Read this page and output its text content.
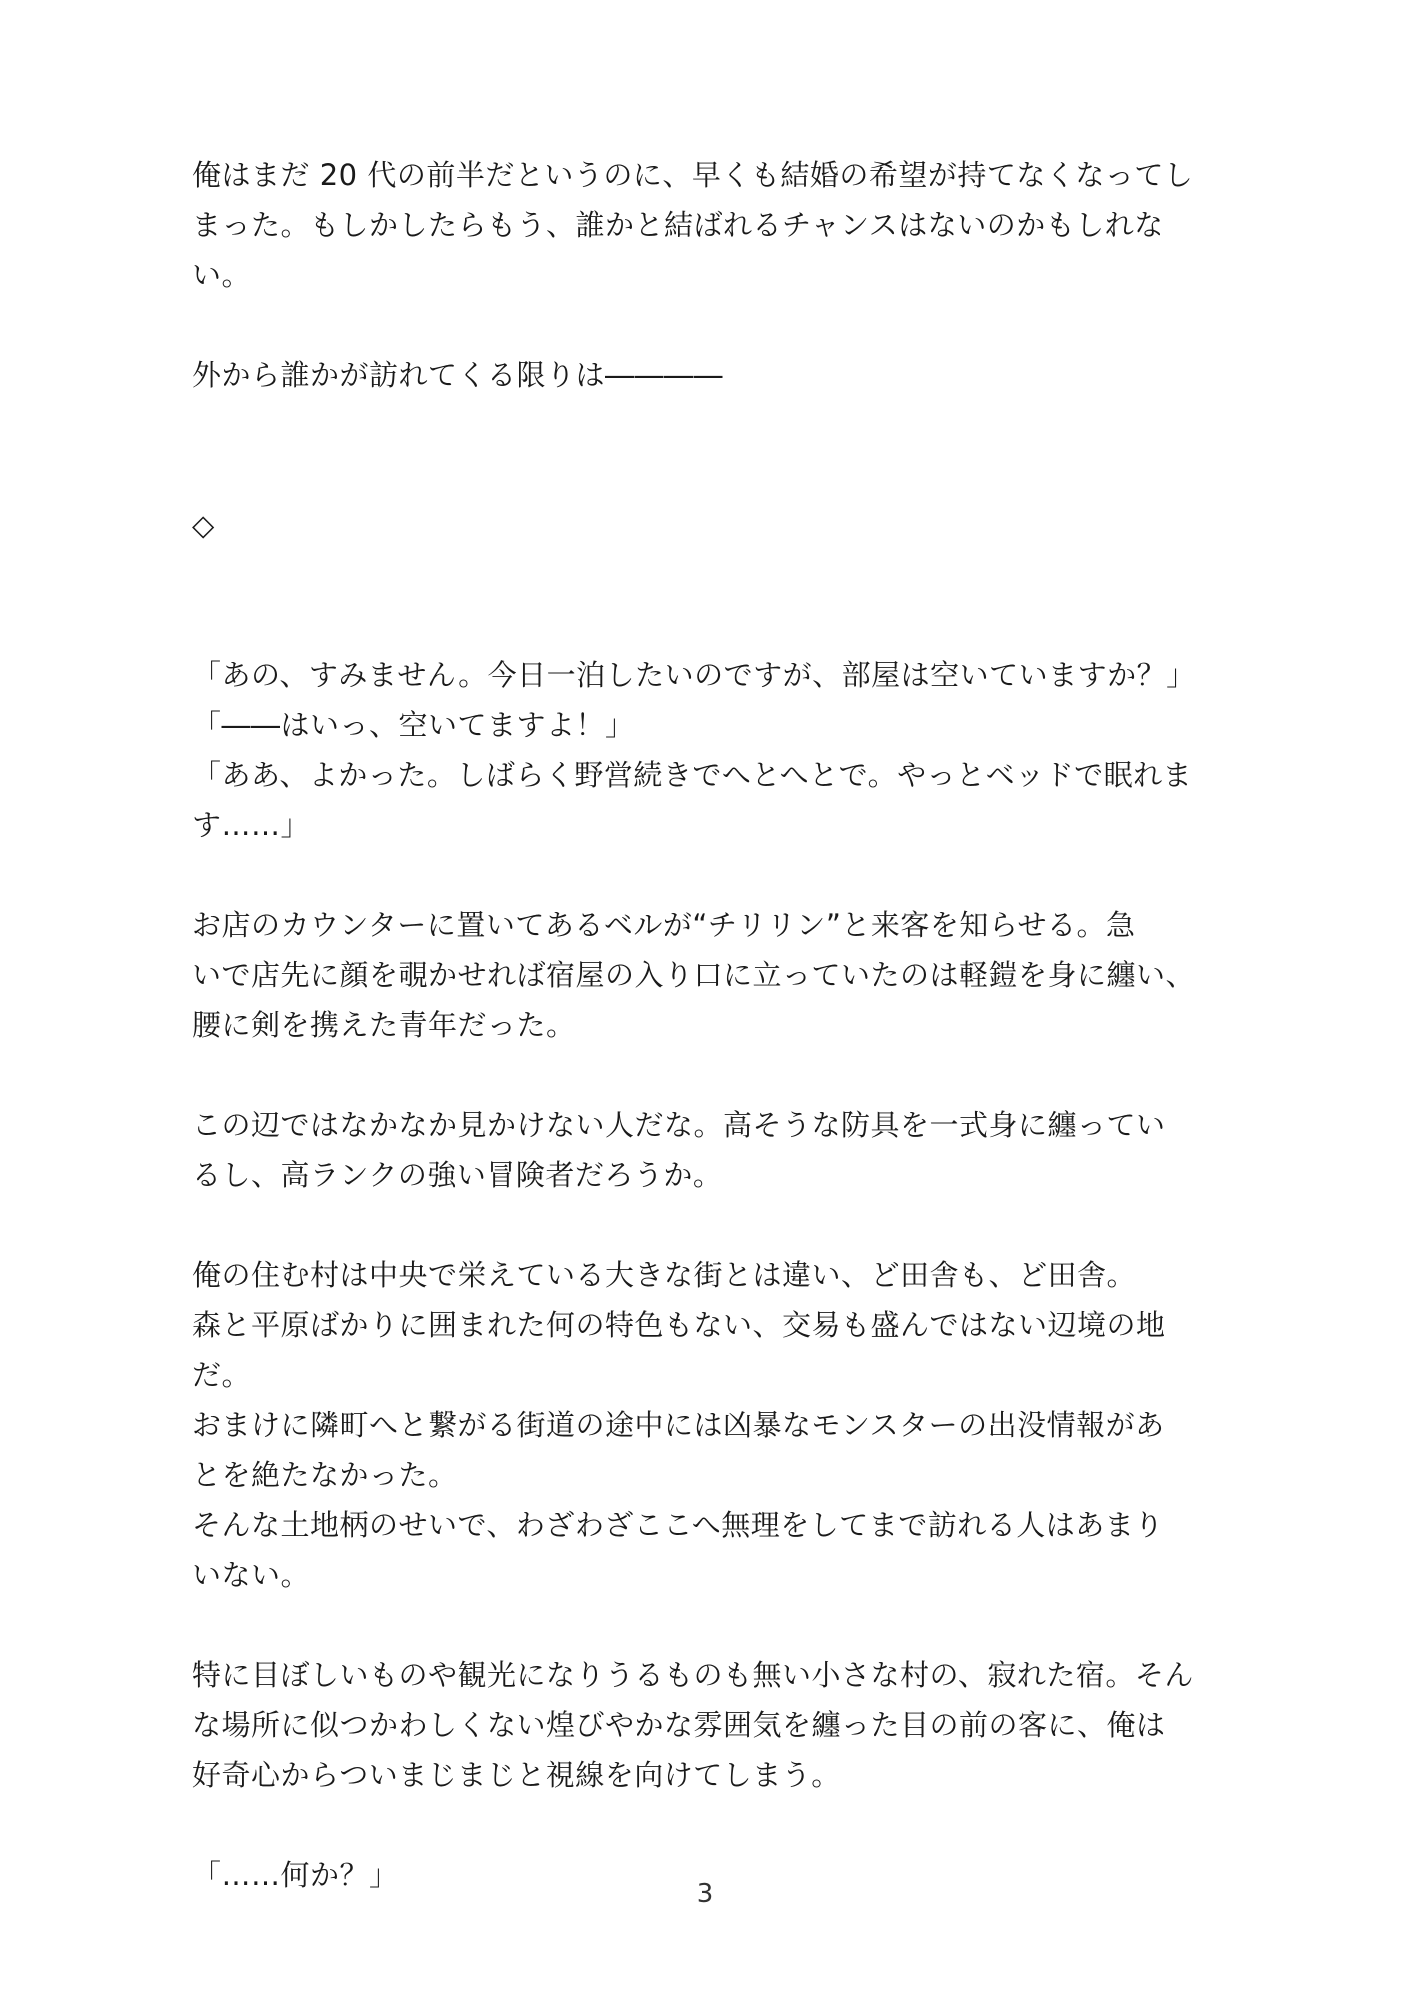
俺はまだ 20 代の前半だというのに、早くも結婚の希望が持てなくなってし
まった。もしかしたらもう、誰かと結ばれるチャンスはないのかもしれな
い。
外から誰かが訪れてくる限りは――――
◇
「あの、すみません。今日一泊したいのですが、部屋は空いていますか？」
「――はいっ、空いてますよ！」
「ああ、よかった。しばらく野営続きでへとへとで。やっとベッドで眠れま
す……」
お店のカウンターに置いてあるベルが“チリリン”と来客を知らせる。急
いで店先に顔を覗かせれば宿屋の入り口に立っていたのは軽鎧を身に纏い、
腰に剣を携えた青年だった。
この辺ではなかなか見かけない人だな。高そうな防具を一式身に纏ってい
るし、高ランクの強い冒険者だろうか。
俺の住む村は中央で栄えている大きな街とは違い、ど田舎も、ど田舎。
森と平原ばかりに囲まれた何の特色もない、交易も盛んではない辺境の地
だ。
おまけに隣町へと繋がる街道の途中には凶暴なモンスターの出没情報があ
とを絶たなかった。
そんな土地柄のせいで、わざわざここへ無理をしてまで訪れる人はあまり
いない。
特に目ぼしいものや観光になりうるものも無い小さな村の、寂れた宿。そん
な場所に似つかわしくない煌びやかな雰囲気を纏った目の前の客に、俺は
好奇心からついまじまじと視線を向けてしまう。
「……何か？」
3
